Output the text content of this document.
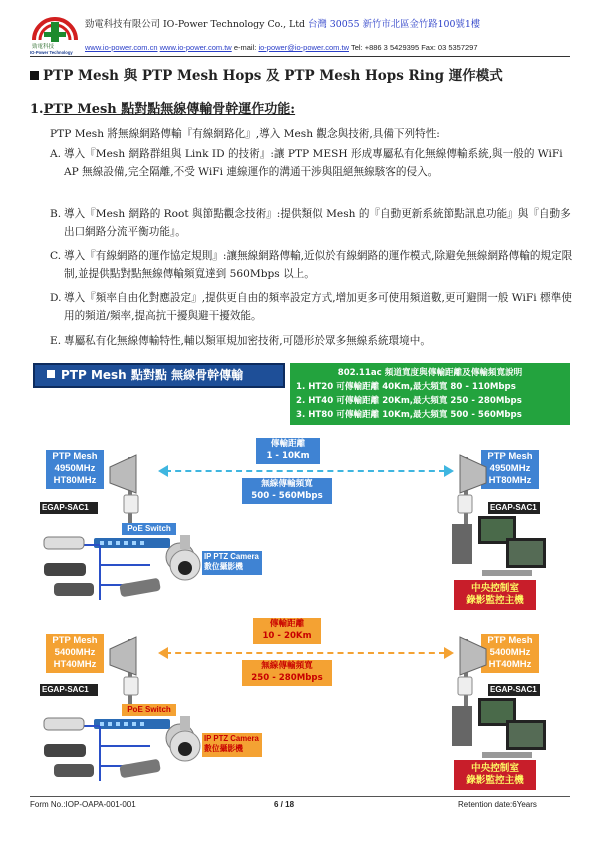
勁電科技
IO-Power Technology
勁電科技有限公司 IO-Power Technology Co., Ltd 台灣 30055 新竹市北區金竹路100號1樓
www.io-power.com.cn www.io-power.com.tw e-mail: io-power@io-power.com.tw Tel: +886 3 5429395 Fax: 03 5357297
PTP Mesh 與 PTP Mesh Hops 及 PTP Mesh Hops Ring 運作模式
1.PTP Mesh 點對點無線傳輸骨幹運作功能:
PTP Mesh 將無線網路傳輸『有線網路化』,導入 Mesh 觀念與技術,具備下列特性:
A. 導入『Mesh 網路群組與 Link ID 的技術』:讓 PTP MESH 形成專屬私有化無線傳輸系統,與一般的 WiFi AP 無線設備,完全隔離,不受 WiFi 連線運作的溝通干涉與阻絕無線駭客的侵入。
B. 導入『Mesh 網路的 Root 與節點觀念技術』:提供類似 Mesh 的『自動更新系統節點訊息功能』與『自動多出口網路分流平衡功能』。
C. 導入『有線網路的運作協定規則』:讓無線網路傳輸,近似於有線網路的運作模式,除避免無線網路傳輸的規定限制,並提供點對點無線傳輸頻寬達到 560Mbps 以上。
D. 導入『頻率自由化對應設定』,提供更自由的頻率設定方式,增加更多可使用頻道數,更可避開一般 WiFi 標準使用的頻道/頻率,提高抗干擾與避干擾效能。
E. 專屬私有化無線傳輸特性,輔以類軍規加密技術,可隱形於眾多無線系統環境中。
PTP Mesh 點對點 無線骨幹傳輸	802.11ac 頻道寬度與傳輸距離及傳輸頻寬說明
1. HT20 可傳輸距離 40Km,最大頻寬 80 - 110Mbps
2. HT40 可傳輸距離 20Km,最大頻寬 250 - 280Mbps
3. HT80 可傳輸距離 10Km,最大頻寬 500 - 560Mbps
PTP Mesh
4950MHz
HT80MHz
PTP Mesh
4950MHz
HT80MHz
傳輸距離
1 - 10Km
無線傳輸頻寬
500 - 560Mbps
EGAP-SAC1	EGAP-SAC1
PoE Switch
IP PTZ Camera
數位攝影機
中央控制室
錄影監控主機
PTP Mesh
5400MHz
HT40MHz
PTP Mesh
5400MHz
HT40MHz
傳輸距離
10 - 20Km
無線傳輸頻寬
250 - 280Mbps
EGAP-SAC1	EGAP-SAC1
PoE Switch
IP PTZ Camera
數位攝影機
中央控制室
錄影監控主機
Form No.:IOP-OAPA-001-001	6 / 18	Retention date:6Years
